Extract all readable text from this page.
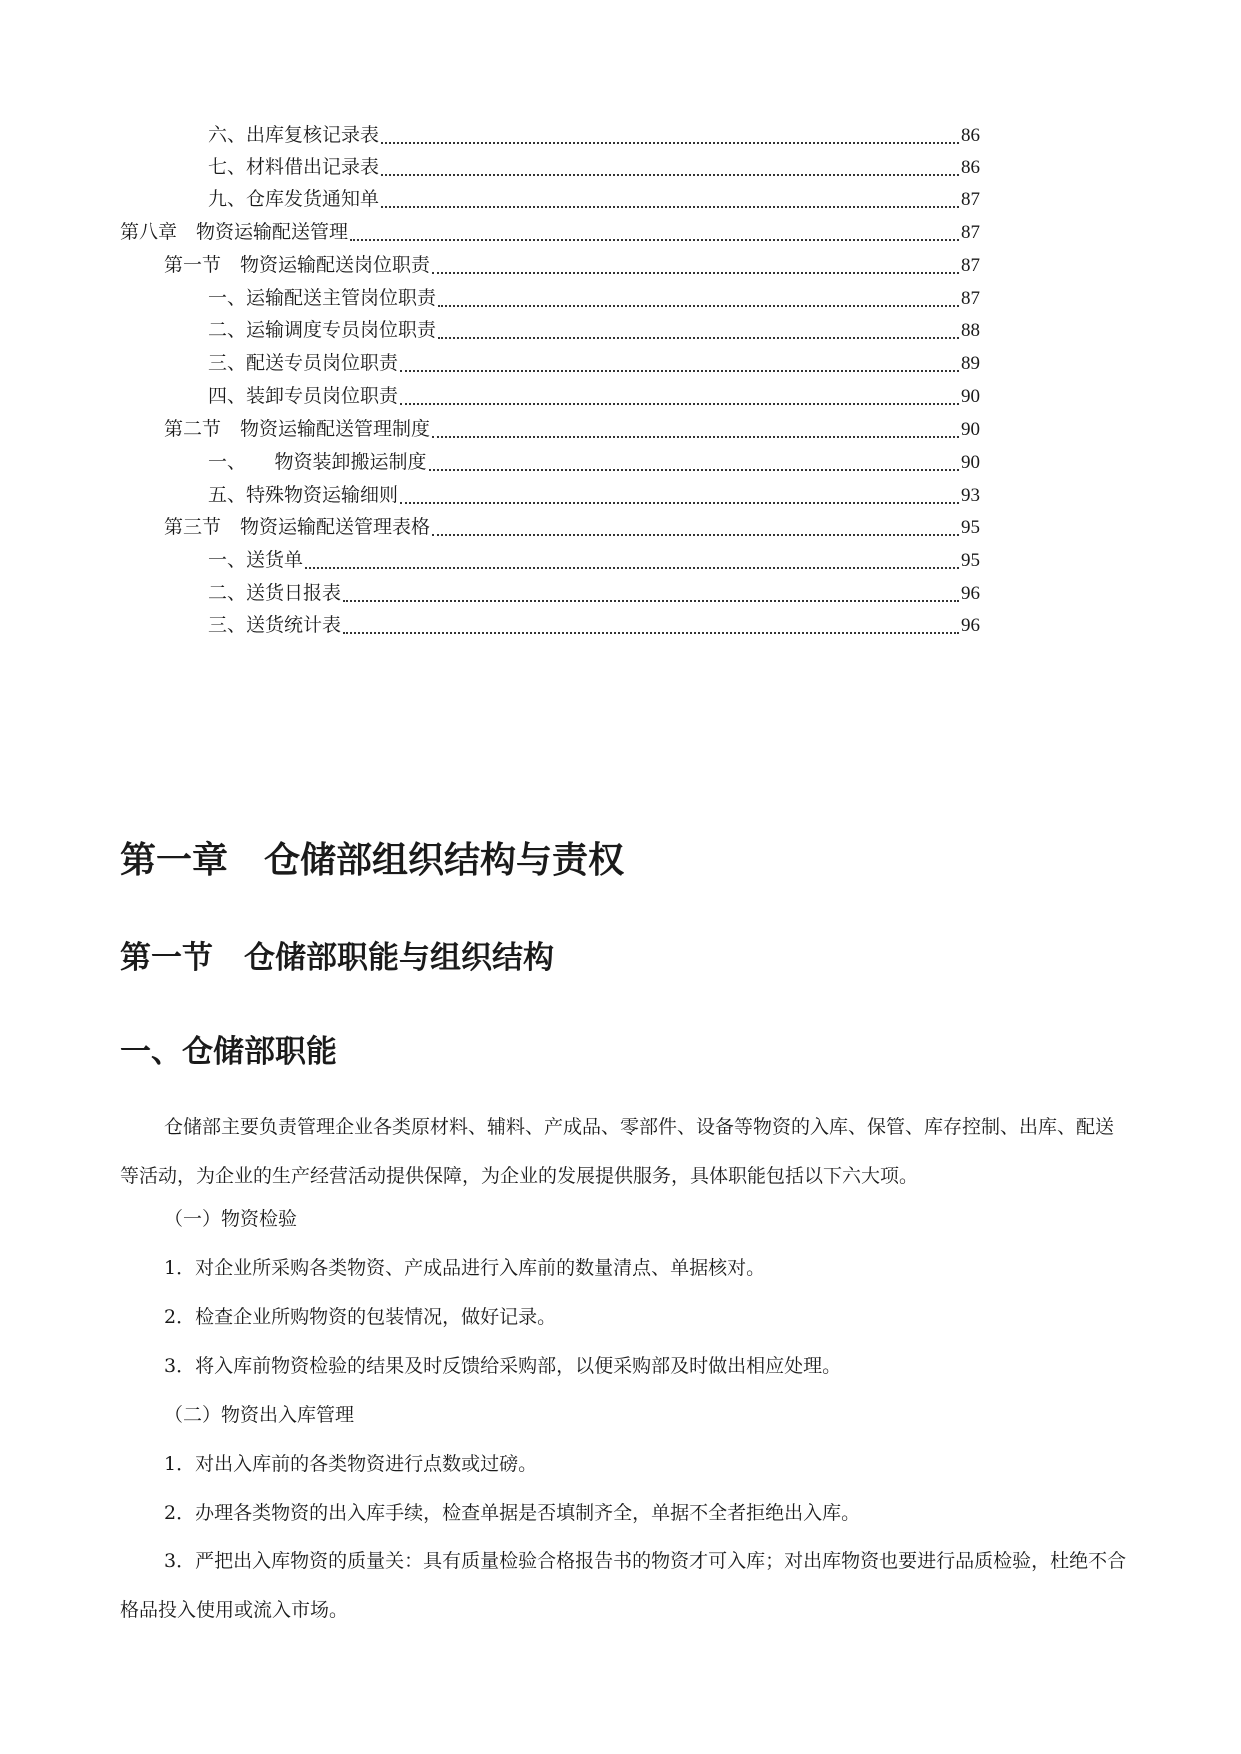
六、出库复核记录表	86
七、材料借出记录表	86
九、仓库发货通知单	87
第八章　物资运输配送管理	87
第一节　物资运输配送岗位职责	87
一、运输配送主管岗位职责	87
二、运输调度专员岗位职责	88
三、配送专员岗位职责	89
四、装卸专员岗位职责	90
第二节　物资运输配送管理制度	90
一、　　物资装卸搬运制度	90
五、特殊物资运输细则	93
第三节　物资运输配送管理表格	95
一、送货单	95
二、送货日报表	96
三、送货统计表	96
第一章　仓储部组织结构与责权
第一节　仓储部职能与组织结构
一、仓储部职能

仓储部主要负责管理企业各类原材料、辅料、产成品、零部件、设备等物资的入库、保管、库存控制、出库、配送等活动，为企业的生产经营活动提供保障，为企业的发展提供服务，具体职能包括以下六大项。

（一）物资检验

1．对企业所采购各类物资、产成品进行入库前的数量清点、单据核对。

2．检查企业所购物资的包装情况，做好记录。

3．将入库前物资检验的结果及时反馈给采购部，以便采购部及时做出相应处理。

（二）物资出入库管理

1．对出入库前的各类物资进行点数或过磅。

2．办理各类物资的出入库手续，检查单据是否填制齐全，单据不全者拒绝出入库。

3．严把出入库物资的质量关：具有质量检验合格报告书的物资才可入库；对出库物资也要进行品质检验，杜绝不合格品投入使用或流入市场。
